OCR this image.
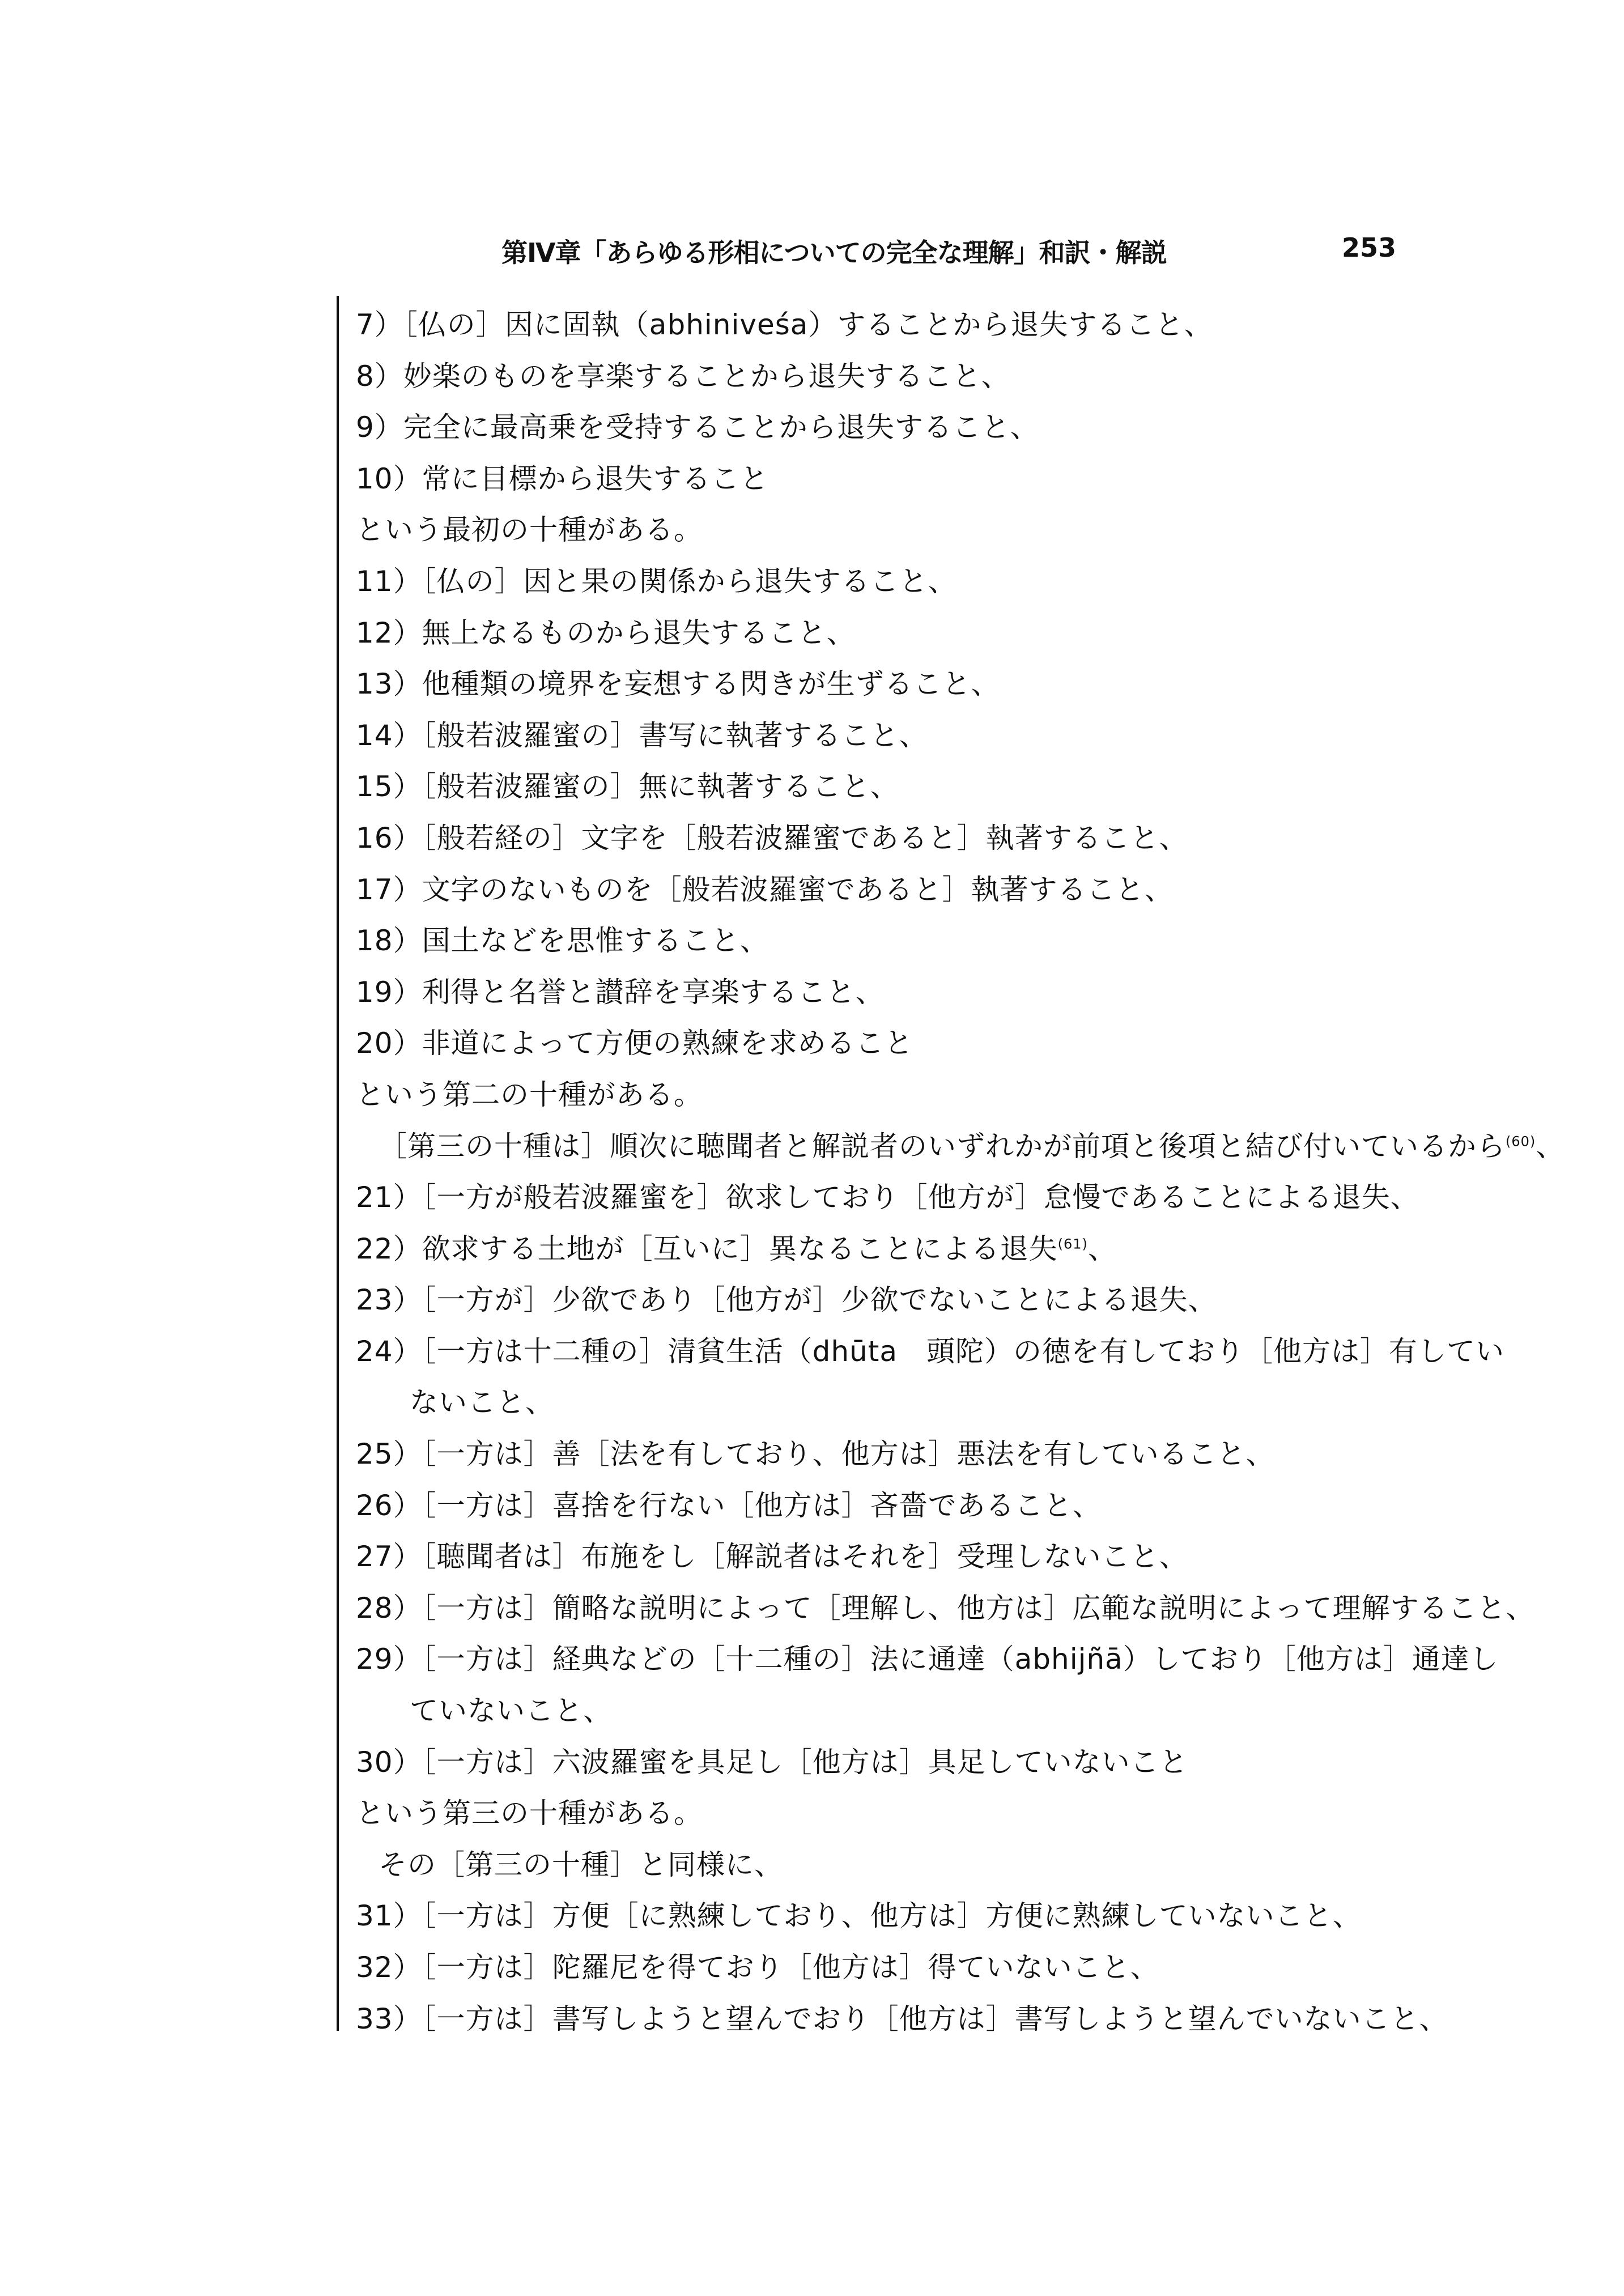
第Ⅳ章「あらゆる形相についての完全な理解」和訳・解説	253
7）［仏の］因に固執（abhiniveśa）することから退失すること、
8）妙楽のものを享楽することから退失すること、
9）完全に最高乗を受持することから退失すること、
10）常に目標から退失すること
という最初の十種がある。
11）［仏の］因と果の関係から退失すること、
12）無上なるものから退失すること、
13）他種類の境界を妄想する閃きが生ずること、
14）［般若波羅蜜の］書写に執著すること、
15）［般若波羅蜜の］無に執著すること、
16）［般若経の］文字を［般若波羅蜜であると］執著すること、
17）文字のないものを［般若波羅蜜であると］執著すること、
18）国土などを思惟すること、
19）利得と名誉と讃辞を享楽すること、
20）非道によって方便の熟練を求めること
という第二の十種がある。
［第三の十種は］順次に聴聞者と解説者のいずれかが前項と後項と結び付いているから$^{(60)}$、
21）［一方が般若波羅蜜を］欲求しており［他方が］怠慢であることによる退失、
22）欲求する土地が［互いに］異なることによる退失$^{(61)}$、
23）［一方が］少欲であり［他方が］少欲でないことによる退失、
24）［一方は十二種の］清貧生活（dhūta　頭陀）の徳を有しており［他方は］有してい
ないこと、
25）［一方は］善［法を有しており、他方は］悪法を有していること、
26）［一方は］喜捨を行ない［他方は］吝嗇であること、
27）［聴聞者は］布施をし［解説者はそれを］受理しないこと、
28）［一方は］簡略な説明によって［理解し、他方は］広範な説明によって理解すること、
29）［一方は］経典などの［十二種の］法に通達（abhijñā）しており［他方は］通達し
ていないこと、
30）［一方は］六波羅蜜を具足し［他方は］具足していないこと
という第三の十種がある。
その［第三の十種］と同様に、
31）［一方は］方便［に熟練しており、他方は］方便に熟練していないこと、
32）［一方は］陀羅尼を得ており［他方は］得ていないこと、
33）［一方は］書写しようと望んでおり［他方は］書写しようと望んでいないこと、
